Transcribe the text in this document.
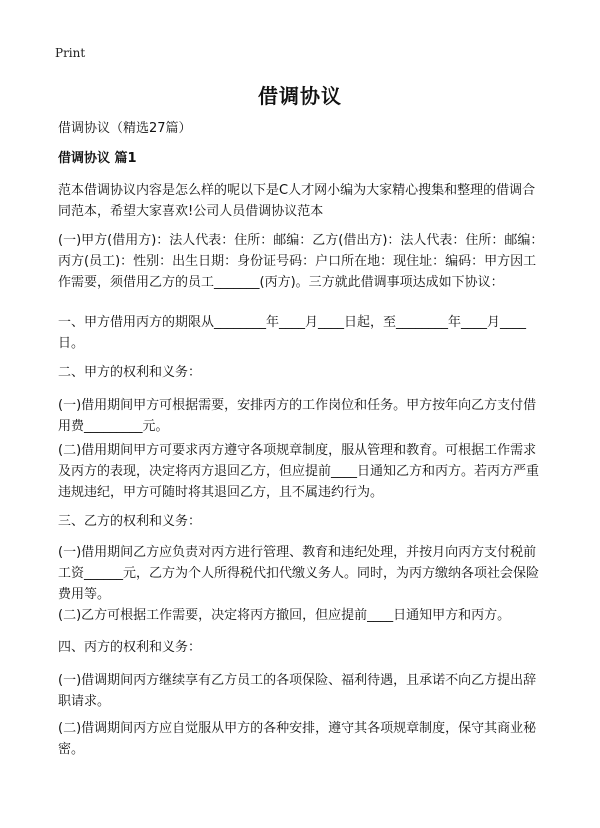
Print
借调协议
借调协议（精选27篇）
借调协议 篇1
范本借调协议内容是怎么样的呢以下是C人才网小编为大家精心搜集和整理的借调合同范本，希望大家喜欢!公司人员借调协议范本
(一)甲方(借用方)：法人代表：住所：邮编：乙方(借出方)：法人代表：住所：邮编：丙方(员工)：性别：出生日期：身份证号码：户口所在地：现住址：编码：甲方因工作需要，须借用乙方的员工_______(丙方)。三方就此借调事项达成如下协议：
一、甲方借用丙方的期限从________年____月____日起，至________年____月____日。
二、甲方的权利和义务：
(一)借用期间甲方可根据需要，安排丙方的工作岗位和任务。甲方按年向乙方支付借用费_________元。
(二)借用期间甲方可要求丙方遵守各项规章制度，服从管理和教育。可根据工作需求及丙方的表现，决定将丙方退回乙方，但应提前____日通知乙方和丙方。若丙方严重违规违纪，甲方可随时将其退回乙方，且不属违约行为。
三、乙方的权利和义务：
(一)借用期间乙方应负责对丙方进行管理、教育和违纪处理，并按月向丙方支付税前工资______元，乙方为个人所得税代扣代缴义务人。同时，为丙方缴纳各项社会保险费用等。
(二)乙方可根据工作需要，决定将丙方撤回，但应提前____日通知甲方和丙方。
四、丙方的权利和义务：
(一)借调期间丙方继续享有乙方员工的各项保险、福利待遇，且承诺不向乙方提出辞职请求。
(二)借调期间丙方应自觉服从甲方的各种安排，遵守其各项规章制度，保守其商业秘密。
